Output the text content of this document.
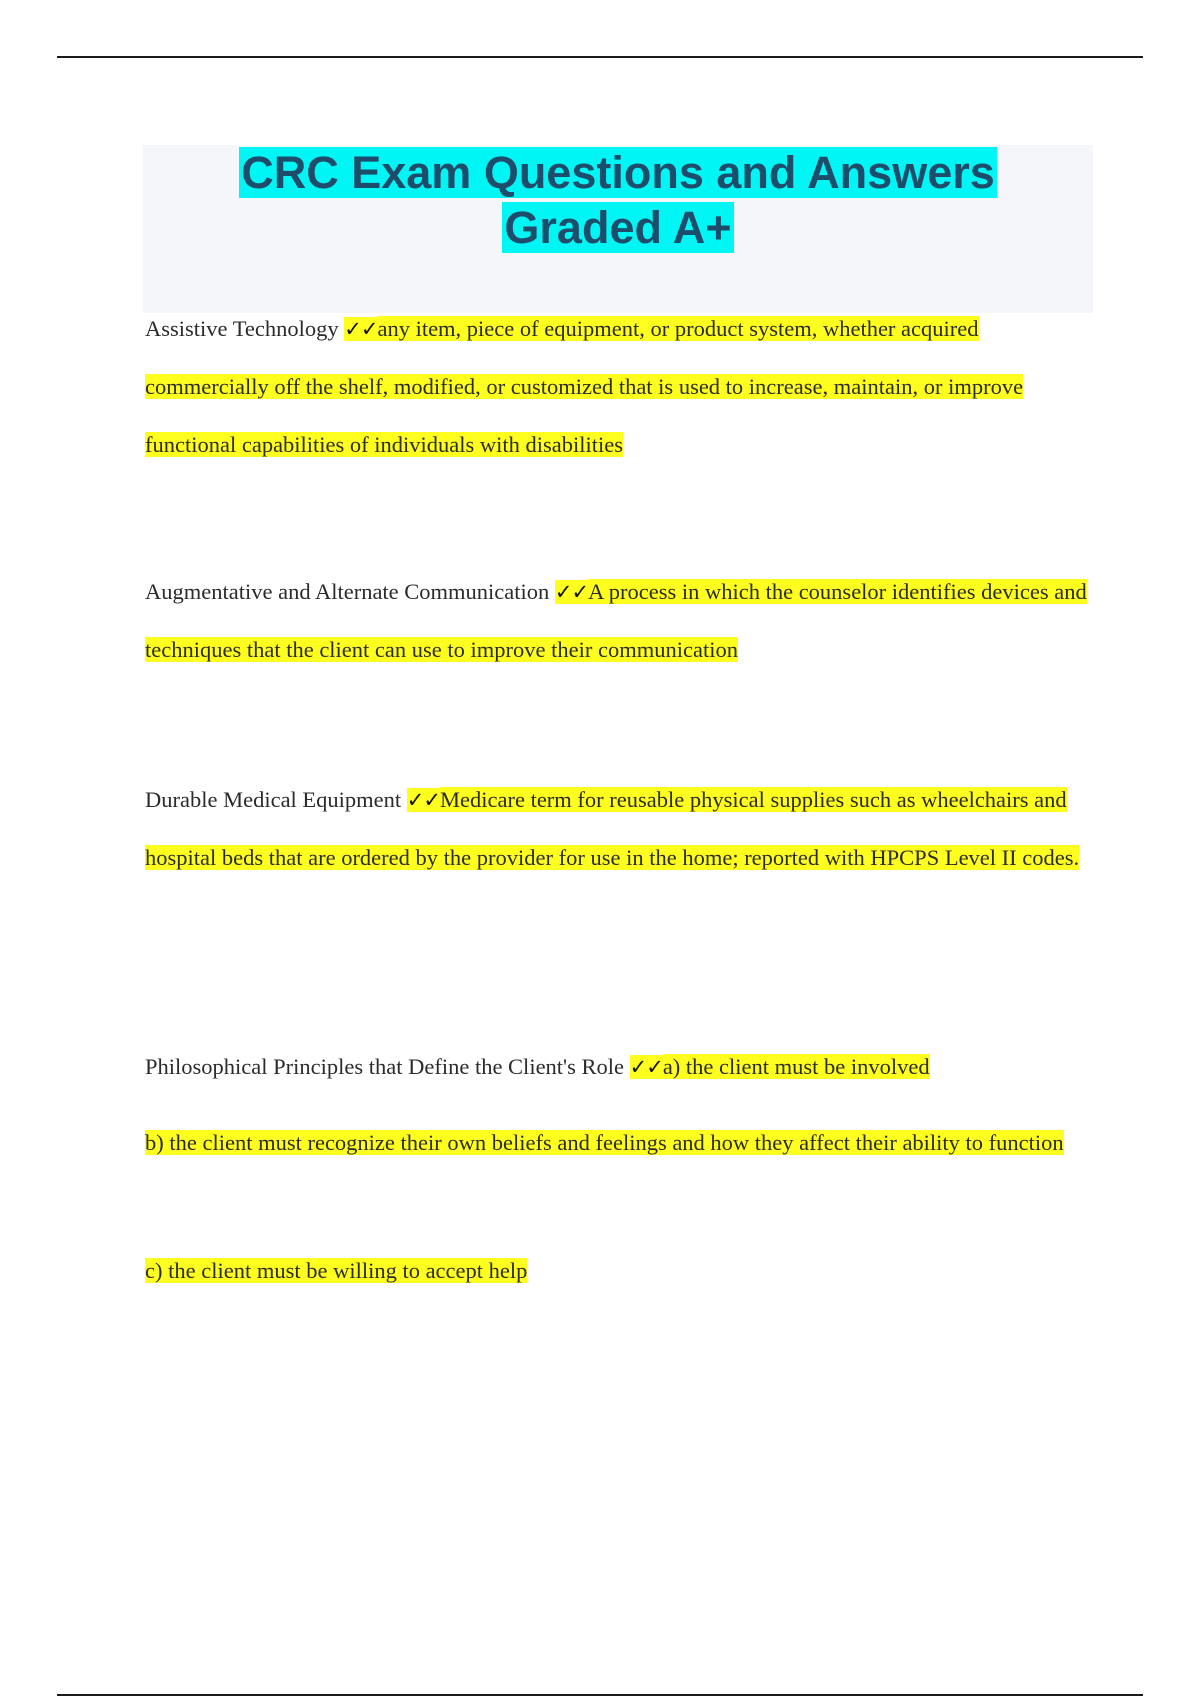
CRC Exam Questions and Answers
Graded A+

Assistive Technology ✓✓any item, piece of equipment, or product system, whether acquired commercially off the shelf, modified, or customized that is used to increase, maintain, or improve functional capabilities of individuals with disabilities

Augmentative and Alternate Communication ✓✓A process in which the counselor identifies devices and techniques that the client can use to improve their communication

Durable Medical Equipment ✓✓Medicare term for reusable physical supplies such as wheelchairs and hospital beds that are ordered by the provider for use in the home; reported with HPCPS Level II codes.

Philosophical Principles that Define the Client's Role ✓✓a) the client must be involved

b) the client must recognize their own beliefs and feelings and how they affect their ability to function

c) the client must be willing to accept help
